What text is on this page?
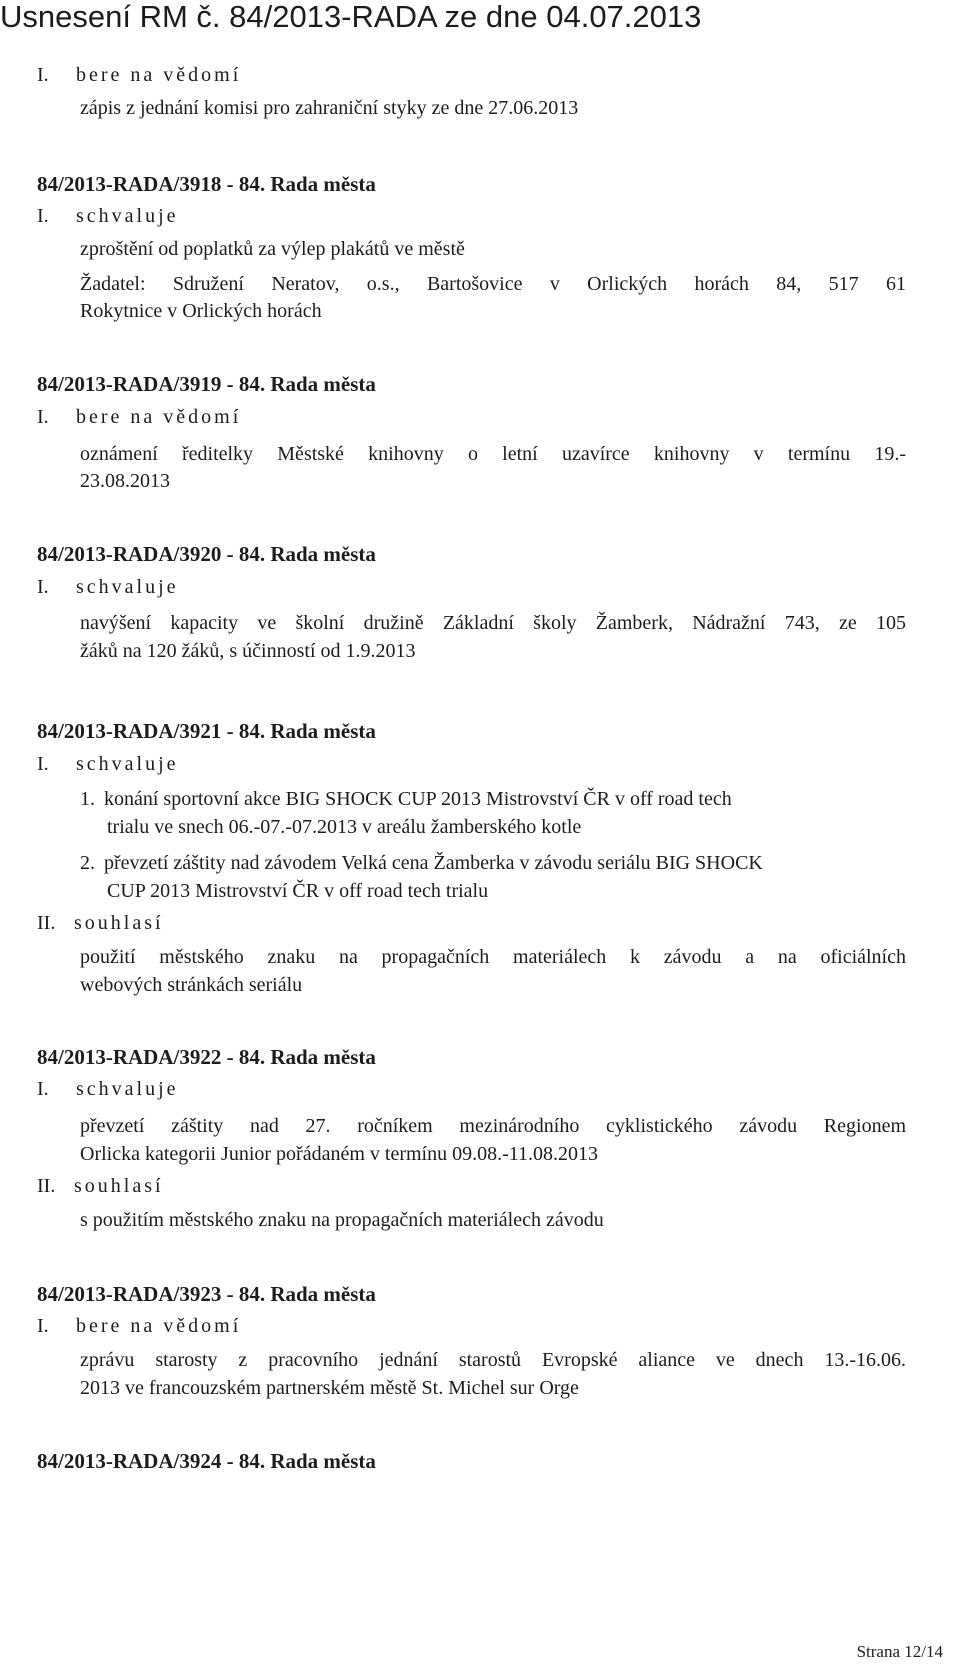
Usnesení RM č. 84/2013-RADA ze dne 04.07.2013
I. bere na vědomí
zápis z jednání komisi pro zahraniční styky ze dne 27.06.2013
84/2013-RADA/3918 - 84. Rada města
I. schvaluje
zproštění od poplatků za výlep plakátů ve městě
Žadatel: Sdružení Neratov, o.s., Bartošovice v Orlických horách 84, 517 61
Rokytnice v Orlických horách
84/2013-RADA/3919 - 84. Rada města
I. bere na vědomí
oznámení ředitelky Městské knihovny o letní uzavírce knihovny v termínu 19.-
23.08.2013
84/2013-RADA/3920 - 84. Rada města
I. schvaluje
navýšení kapacity ve školní družině Základní školy Žamberk, Nádražní 743, ze 105
žáků na 120 žáků, s účinností od 1.9.2013
84/2013-RADA/3921 - 84. Rada města
I. schvaluje
1. konání sportovní akce BIG SHOCK CUP 2013 Mistrovství ČR v off road tech
trialu ve snech 06.-07.-07.2013 v areálu žamberského kotle
2. převzetí záštity nad závodem Velká cena Žamberka v závodu seriálu BIG SHOCK
CUP 2013 Mistrovství ČR v off road tech trialu
II. souhlasí
použití městského znaku na propagačních materiálech k závodu a na oficiálních
webových stránkách seriálu
84/2013-RADA/3922 - 84. Rada města
I. schvaluje
převzetí záštity nad 27. ročníkem mezinárodního cyklistického závodu Regionem
Orlicka kategorii Junior pořádaném v termínu 09.08.-11.08.2013
II. souhlasí
s použitím městského znaku na propagačních materiálech závodu
84/2013-RADA/3923 - 84. Rada města
I. bere na vědomí
zprávu starosty z pracovního jednání starostů Evropské aliance ve dnech 13.-16.06.
2013 ve francouzském partnerském městě St. Michel sur Orge
84/2013-RADA/3924 - 84. Rada města
Strana 12/14
